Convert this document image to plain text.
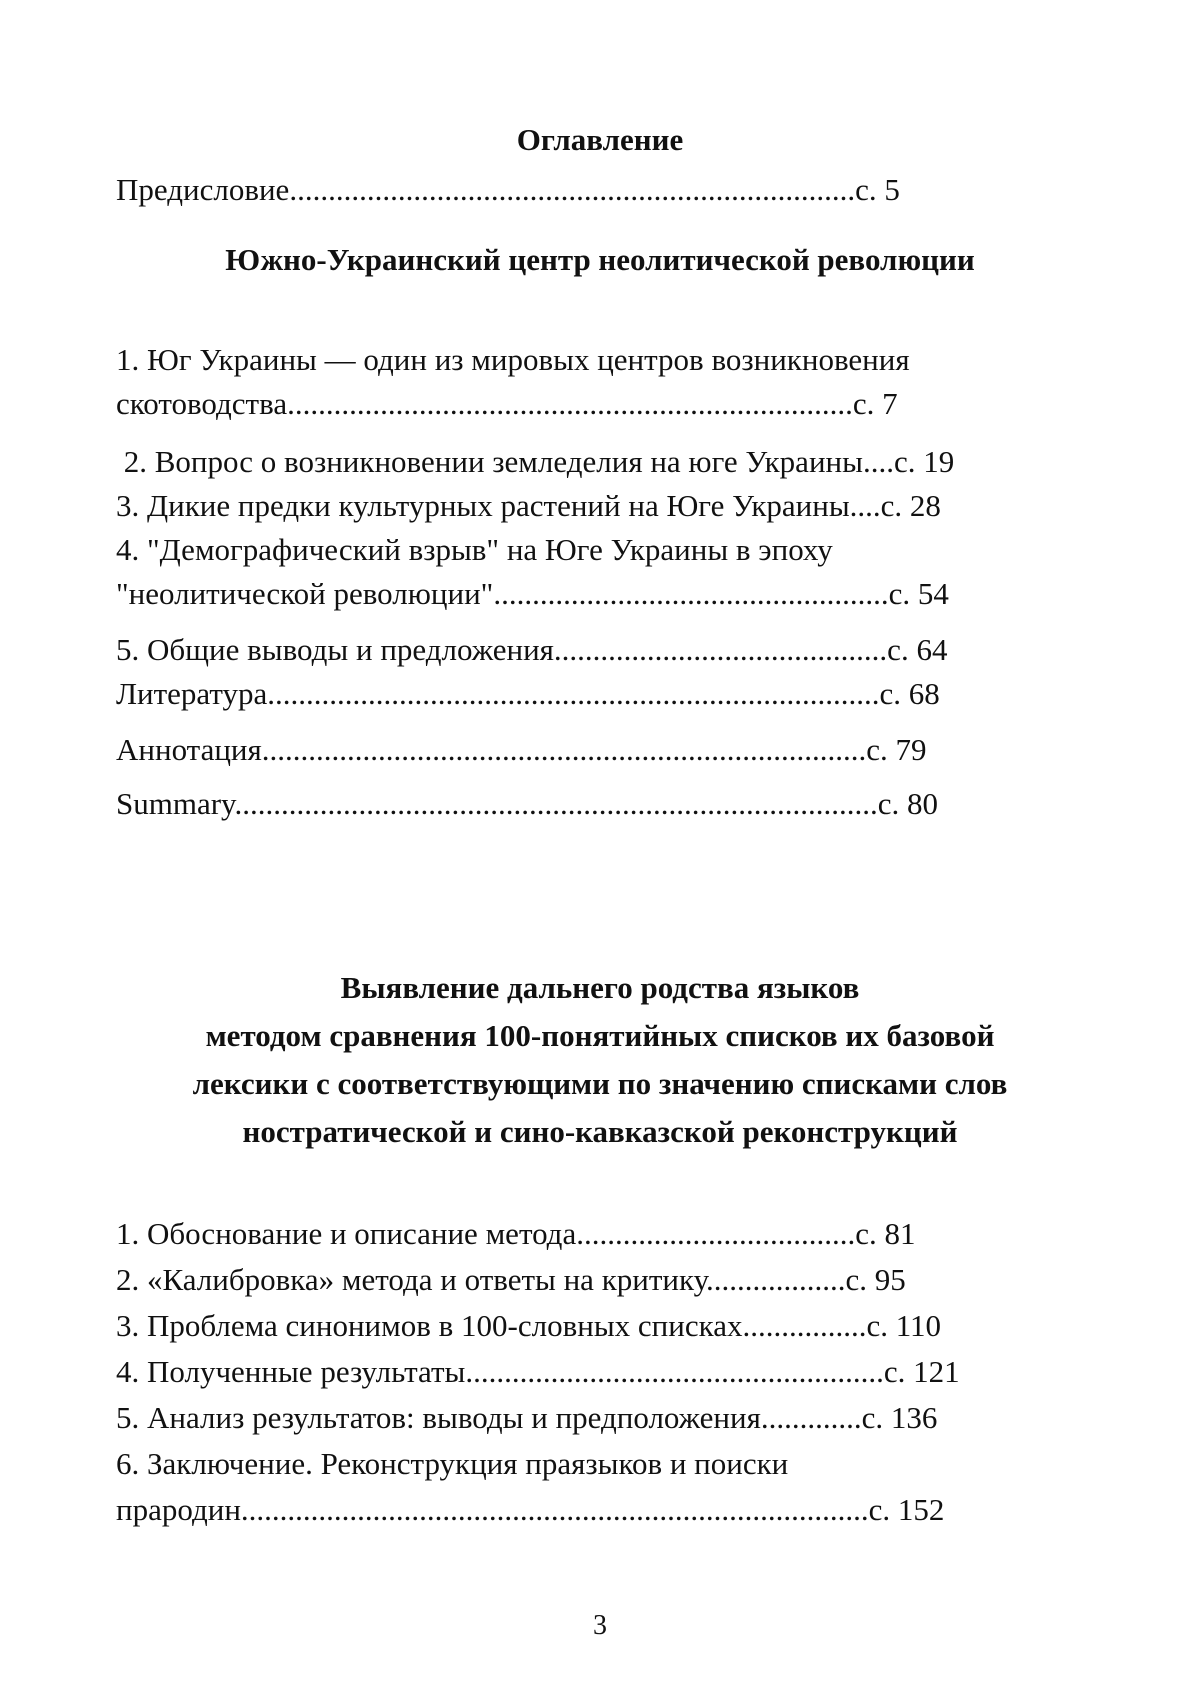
Оглавление
Предисловие.........................................................................с. 5
Южно-Украинский центр неолитической революции
1. Юг Украины — один из мировых центров возникновения
скотоводства.........................................................................с. 7
2. Вопрос о возникновении земледелия на юге Украины....с. 19
3. Дикие предки культурных растений на Юге Украины....с. 28
4. "Демографический взрыв" на Юге Украины в эпоху
"неолитической революции"...................................................с. 54
5. Общие выводы и предложения...........................................с. 64
Литература...............................................................................с. 68
Аннотация..............................................................................с. 79
Summary...................................................................................с. 80
Выявление дальнего родства языков
методом сравнения 100-понятийных списков их базовой
лексики с соответствующими по значению списками слов
ностратической и сино-кавказской реконструкций
1. Обоснование и описание метода....................................с. 81
2. «Калибровка» метода и ответы на критику..................с. 95
3. Проблема синонимов в 100-словных списках................с. 110
4. Полученные результаты......................................................с. 121
5. Анализ результатов: выводы и предположения.............с. 136
6. Заключение. Реконструкция праязыков и поиски
прародин.................................................................................с. 152
3
